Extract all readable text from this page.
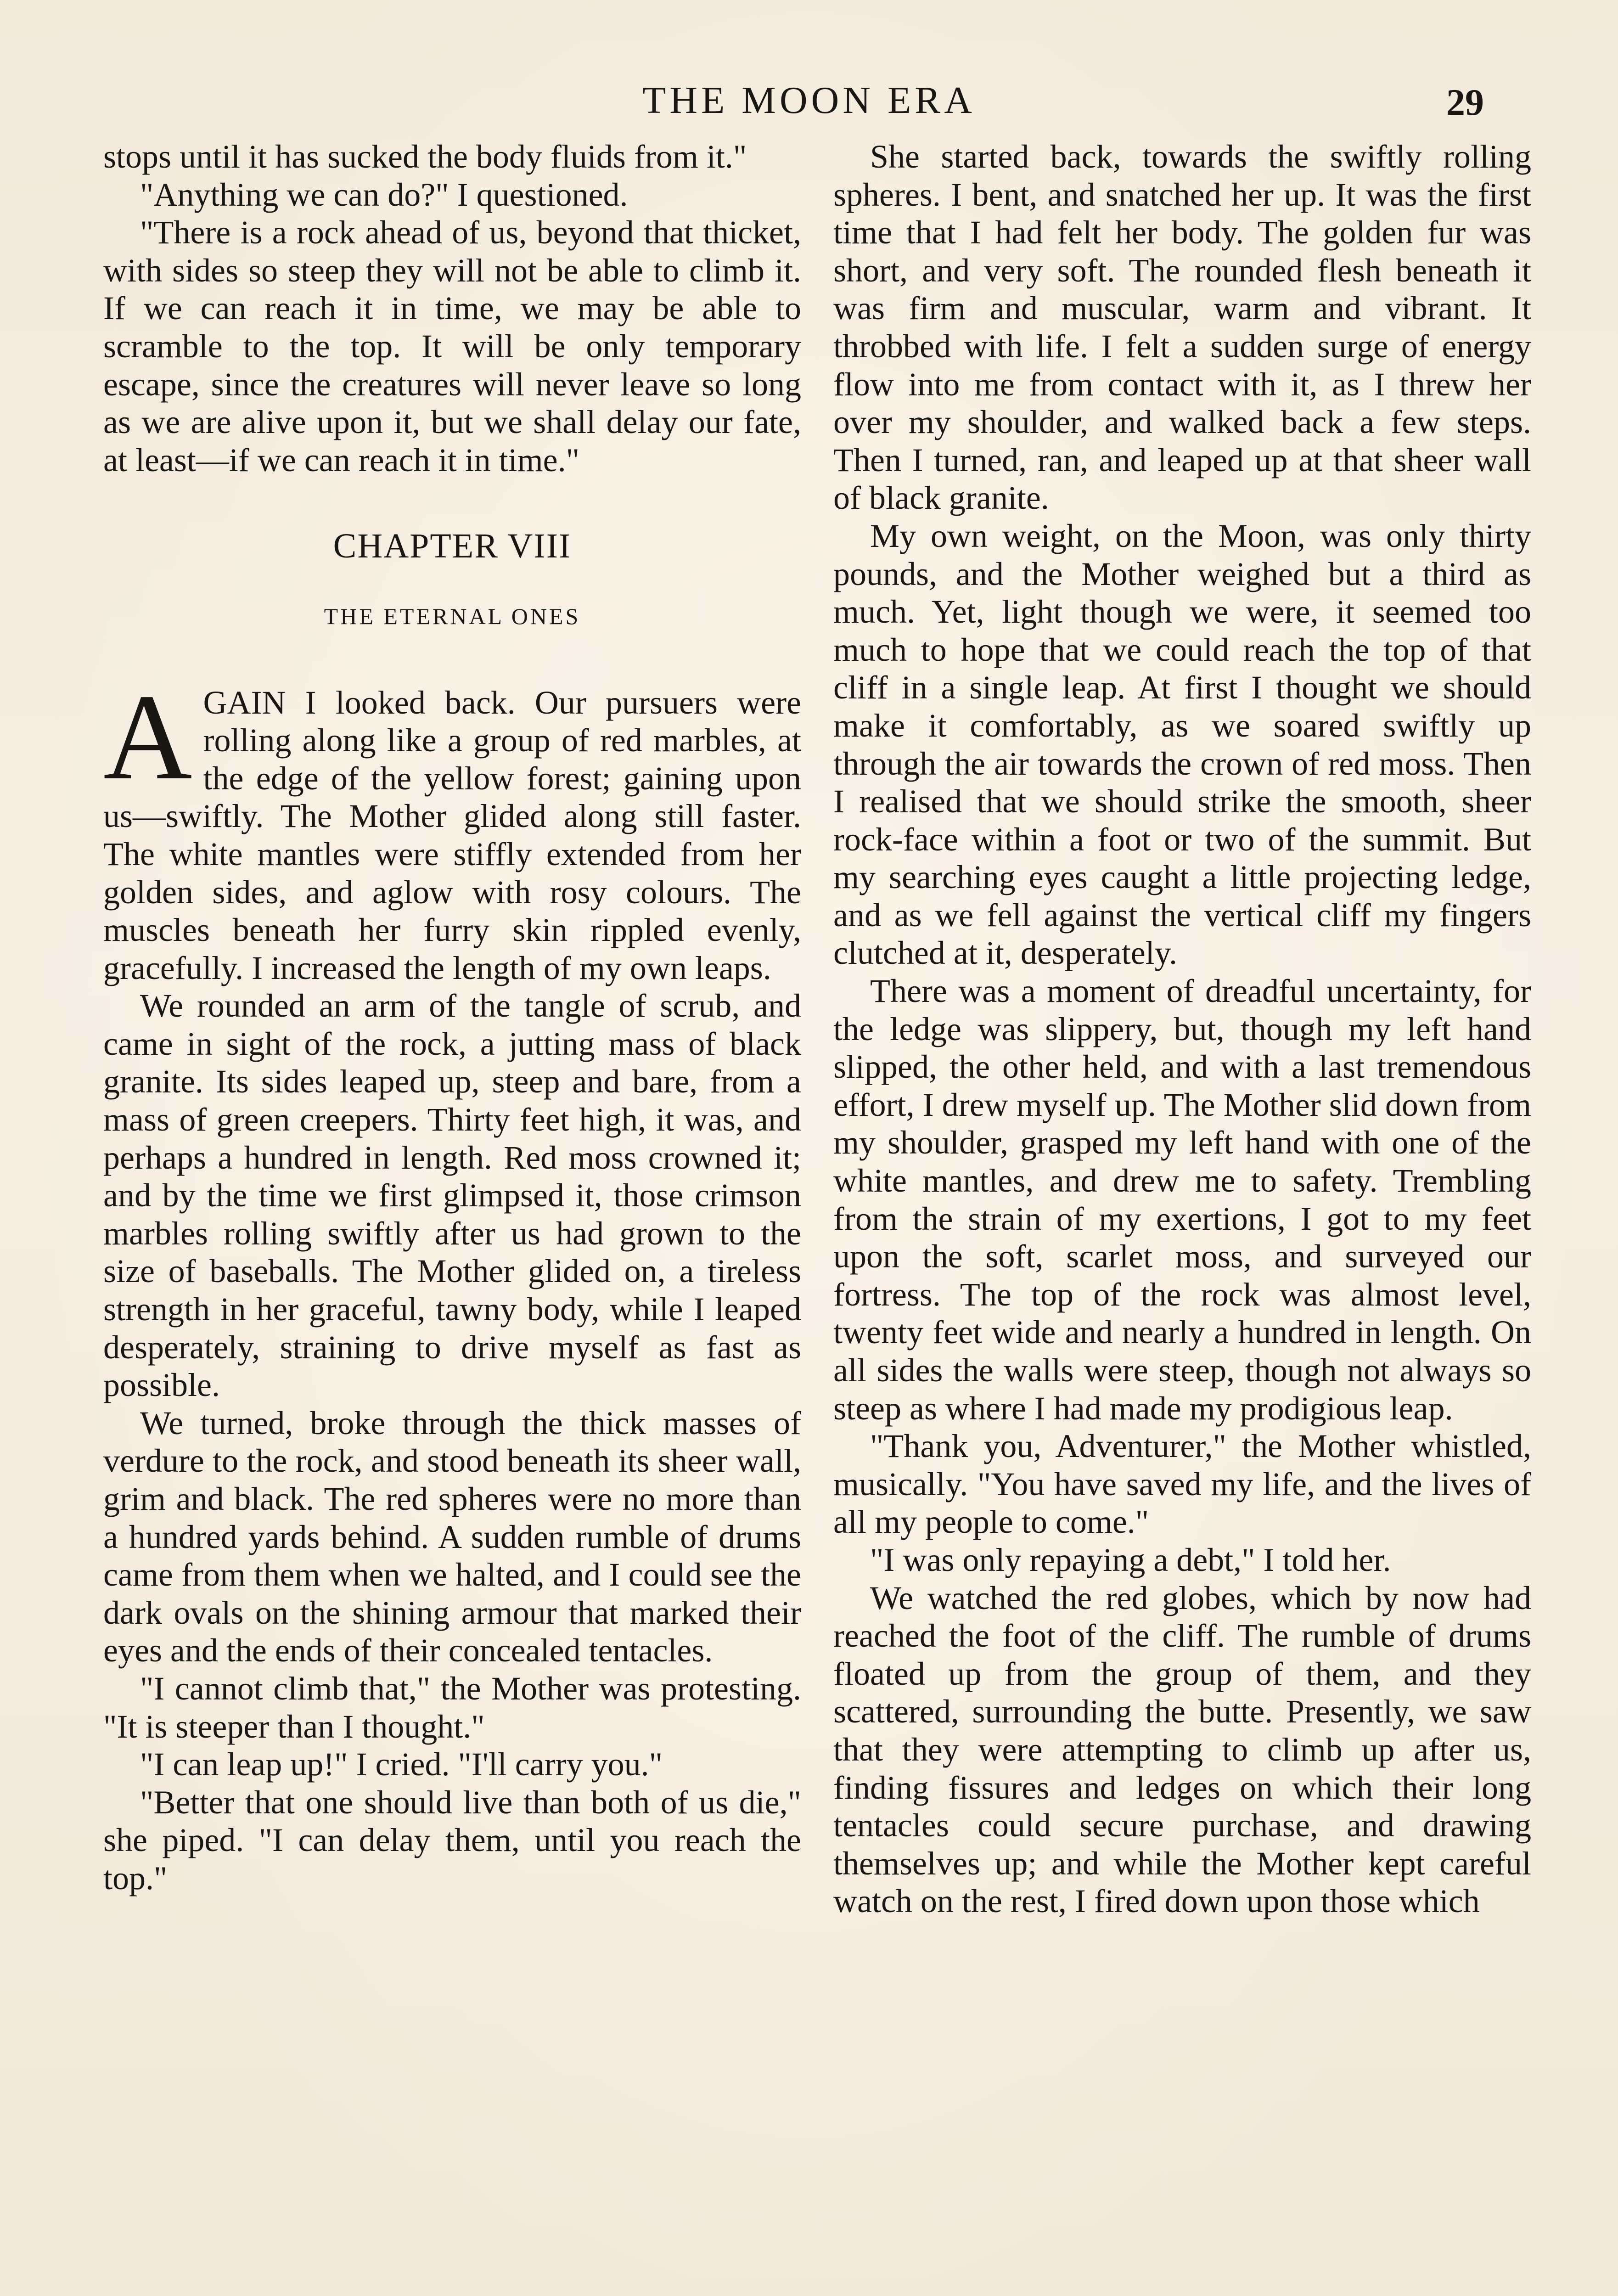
THE MOON ERA	29

stops until it has sucked the body fluids from it."

"Anything we can do?" I questioned.

"There is a rock ahead of us, beyond that thicket, with sides so steep they will not be able to climb it. If we can reach it in time, we may be able to scramble to the top. It will be only temporary escape, since the creatures will never leave so long as we are alive upon it, but we shall delay our fate, at least—if we can reach it in time."

CHAPTER VIII
THE ETERNAL ONES

AGAIN I looked back. Our pursuers were rolling along like a group of red marbles, at the edge of the yellow forest; gaining upon us—swiftly. The Mother glided along still faster. The white mantles were stiffly extended from her golden sides, and aglow with rosy colours. The muscles beneath her furry skin rippled evenly, gracefully. I increased the length of my own leaps.

We rounded an arm of the tangle of scrub, and came in sight of the rock, a jutting mass of black granite. Its sides leaped up, steep and bare, from a mass of green creepers. Thirty feet high, it was, and perhaps a hundred in length. Red moss crowned it; and by the time we first glimpsed it, those crimson marbles rolling swiftly after us had grown to the size of baseballs. The Mother glided on, a tireless strength in her graceful, tawny body, while I leaped desperately, straining to drive myself as fast as possible.

We turned, broke through the thick masses of verdure to the rock, and stood beneath its sheer wall, grim and black. The red spheres were no more than a hundred yards behind. A sudden rumble of drums came from them when we halted, and I could see the dark ovals on the shining armour that marked their eyes and the ends of their concealed tentacles.

"I cannot climb that," the Mother was protesting. "It is steeper than I thought."

"I can leap up!" I cried. "I'll carry you."

"Better that one should live than both of us die," she piped. "I can delay them, until you reach the top."

She started back, towards the swiftly rolling spheres. I bent, and snatched her up. It was the first time that I had felt her body. The golden fur was short, and very soft. The rounded flesh beneath it was firm and muscular, warm and vibrant. It throbbed with life. I felt a sudden surge of energy flow into me from contact with it, as I threw her over my shoulder, and walked back a few steps. Then I turned, ran, and leaped up at that sheer wall of black granite.

My own weight, on the Moon, was only thirty pounds, and the Mother weighed but a third as much. Yet, light though we were, it seemed too much to hope that we could reach the top of that cliff in a single leap. At first I thought we should make it comfortably, as we soared swiftly up through the air towards the crown of red moss. Then I realised that we should strike the smooth, sheer rock-face within a foot or two of the summit. But my searching eyes caught a little projecting ledge, and as we fell against the vertical cliff my fingers clutched at it, desperately.

There was a moment of dreadful uncertainty, for the ledge was slippery, but, though my left hand slipped, the other held, and with a last tremendous effort, I drew myself up. The Mother slid down from my shoulder, grasped my left hand with one of the white mantles, and drew me to safety. Trembling from the strain of my exertions, I got to my feet upon the soft, scarlet moss, and surveyed our fortress. The top of the rock was almost level, twenty feet wide and nearly a hundred in length. On all sides the walls were steep, though not always so steep as where I had made my prodigious leap.

"Thank you, Adventurer," the Mother whistled, musically. "You have saved my life, and the lives of all my people to come."

"I was only repaying a debt," I told her.

We watched the red globes, which by now had reached the foot of the cliff. The rumble of drums floated up from the group of them, and they scattered, surrounding the butte. Presently, we saw that they were attempting to climb up after us, finding fissures and ledges on which their long tentacles could secure purchase, and drawing themselves up; and while the Mother kept careful watch on the rest, I fired down upon those which
